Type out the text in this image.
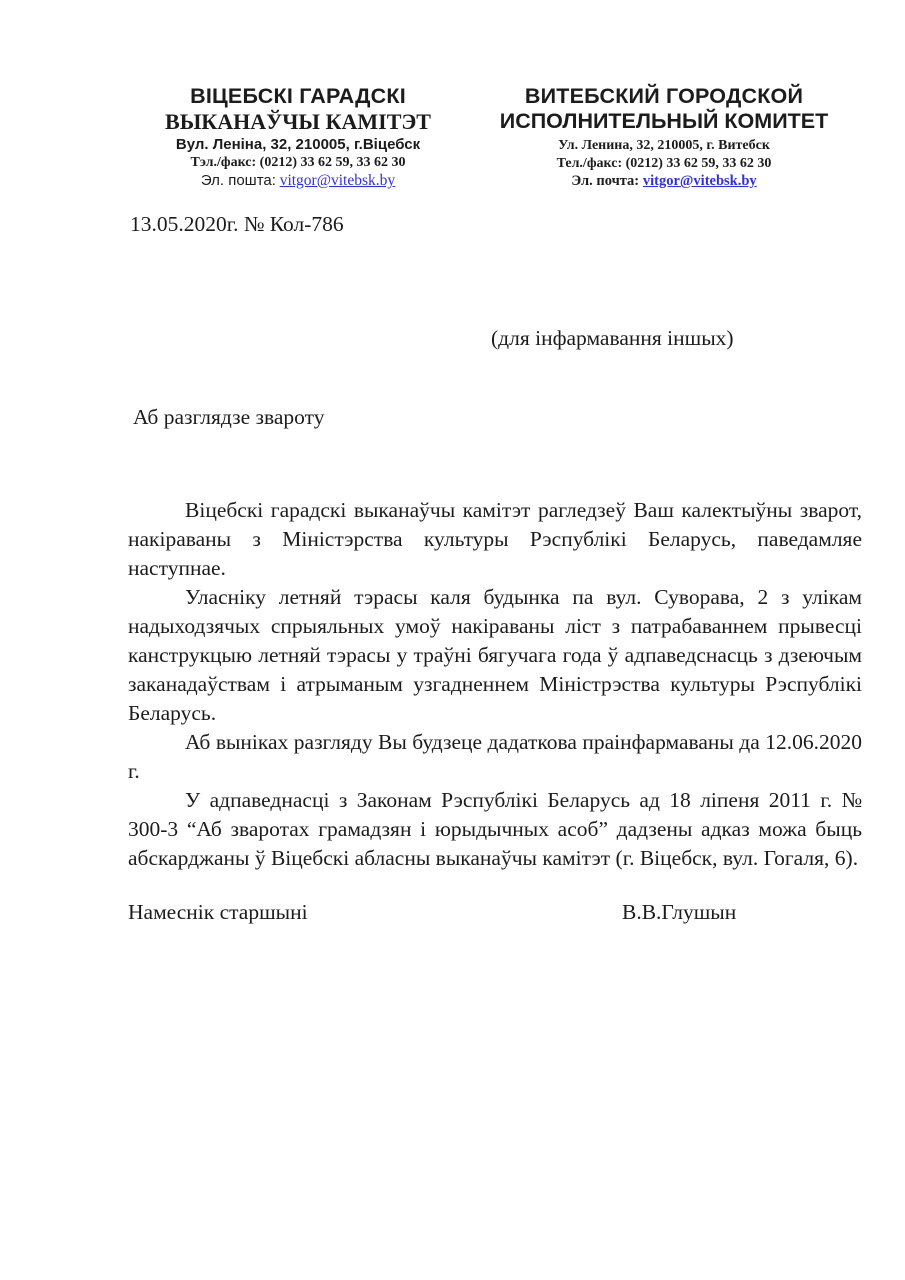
ВІЦЕБСКІ ГАРАДСКІ
ВЫКАНАЎЧЫ КАМІТЭТ
Вул. Леніна, 32, 210005, г.Віцебск
Тэл./факс: (0212) 33 62 59, 33 62 30
Эл. пошта: vitgor@vitebsk.by
ВИТЕБСКИЙ ГОРОДСКОЙ
ИСПОЛНИТЕЛЬНЫЙ КОМИТЕТ
Ул. Ленина, 32, 210005, г. Витебск
Тел./факс: (0212) 33 62 59, 33 62 30
Эл. почта: vitgor@vitebsk.by
13.05.2020г. № Кол-786
(для інфармавання іншых)
Аб разглядзе звароту

Віцебскі гарадскі выканаўчы камітэт рагледзеў Ваш калектыўны зварот, накіраваны з Міністэрства культуры Рэспублікі Беларусь, паведамляе наступнае.

Уласніку летняй тэрасы каля будынка па вул. Суворава, 2 з улікам надыходзячых спрыяльных умоў накіраваны ліст з патрабаваннем прывесці канструкцыю летняй тэрасы у траўні бягучага года ў адпаведснасць з дзеючым заканадаўствам і атрыманым узгадненнем Міністрэства культуры Рэспублікі Беларусь.

Аб выніках разгляду Вы будзеце дадаткова праінфармаваны да 12.06.2020 г.

У адпаведнасці з Законам Рэспублікі Беларусь ад 18 ліпеня 2011 г. № 300-3 “Аб зваротах грамадзян і юрыдычных асоб” дадзены адказ можа быць абскарджаны ў Віцебскі абласны выканаўчы камітэт (г. Віцебск, вул. Гогаля, 6).

Намеснік старшыні	В.В.Глушын
